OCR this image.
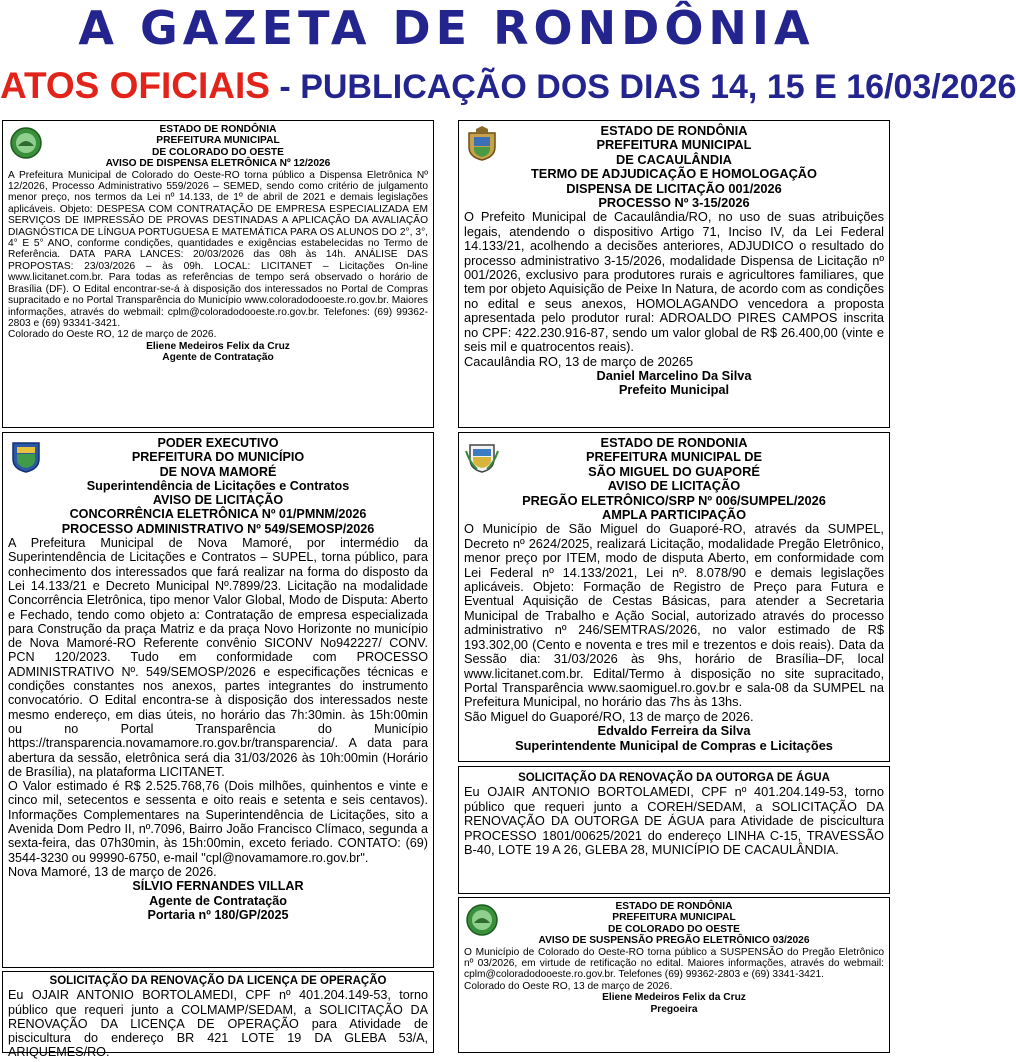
A GAZETA DE RONDÔNIA
ATOS OFICIAIS - PUBLICAÇÃO DOS DIAS 14, 15 E 16/03/2026
ESTADO DE RONDÔNIA
PREFEITURA MUNICIPAL
DE COLORADO DO OESTE
AVISO DE DISPENSA ELETRÔNICA Nº 12/2026

A Prefeitura Municipal de Colorado do Oeste-RO torna público a Dispensa Eletrônica Nº 12/2026, Processo Administrativo 559/2026 – SEMED, sendo como critério de julgamento menor preço, nos termos da Lei nº 14.133, de 1º de abril de 2021 e demais legislações aplicáveis. Objeto: DESPESA COM CONTRATAÇÃO DE EMPRESA ESPECIALIZADA EM SERVIÇOS DE IMPRESSÃO DE PROVAS DESTINADAS A APLICAÇÃO DA AVALIAÇÃO DIAGNÓSTICA DE LÍNGUA PORTUGUESA E MATEMÁTICA PARA OS ALUNOS DO 2°, 3°, 4° E 5° ANO, conforme condições, quantidades e exigências estabelecidas no Termo de Referência. DATA PARA LANCES: 20/03/2026 das 08h às 14h. ANÁLISE DAS PROPOSTAS: 23/03/2026 – às 09h. LOCAL: LICITANET – Licitações On-line www.licitanet.com.br. Para todas as referências de tempo será observado o horário de Brasília (DF). O Edital encontrar-se-á à disposição dos interessados no Portal de Compras supracitado e no Portal Transparência do Município www.coloradodooeste.ro.gov.br. Maiores informações, através do webmail: cplm@coloradodooeste.ro.gov.br. Telefones: (69) 99362-2803 e (69) 93341-3421.

Colorado do Oeste RO, 12 de março de 2026.

Eliene Medeiros Felix da Cruz
Agente de Contratação
PODER EXECUTIVO
PREFEITURA DO MUNICÍPIO
DE NOVA MAMORÉ
Superintendência de Licitações e Contratos
AVISO DE LICITAÇÃO
CONCORRÊNCIA ELETRÔNICA Nº 01/PMNM/2026
PROCESSO ADMINISTRATIVO Nº 549/SEMOSP/2026

A Prefeitura Municipal de Nova Mamoré, por intermédio da Superintendência de Licitações e Contratos – SUPEL, torna público, para conhecimento dos interessados que fará realizar na forma do disposto da Lei 14.133/21 e Decreto Municipal Nº.7899/23. Licitação na modalidade Concorrência Eletrônica, tipo menor Valor Global, Modo de Disputa: Aberto e Fechado, tendo como objeto a: Contratação de empresa especializada para Construção da praça Matriz e da praça Novo Horizonte no município de Nova Mamoré-RO Referente convênio SICONV No942227/ CONV. PCN 120/2023. Tudo em conformidade com PROCESSO ADMINISTRATIVO Nº. 549/SEMOSP/2026 e especificações técnicas e condições constantes nos anexos, partes integrantes do instrumento convocatório. O Edital encontra-se à disposição dos interessados neste mesmo endereço, em dias úteis, no horário das 7h:30min. às 15h:00min ou no Portal Transparência do Município https://transparencia.novamamore.ro.gov.br/transparencia/. A data para abertura da sessão, eletrônica será dia 31/03/2026 às 10h:00min (Horário de Brasília), na plataforma LICITANET.

O Valor estimado é R$ 2.525.768,76 (Dois milhões, quinhentos e vinte e cinco mil, setecentos e sessenta e oito reais e setenta e seis centavos). Informações Complementares na Superintendência de Licitações, sito a Avenida Dom Pedro II, nº.7096, Bairro João Francisco Clímaco, segunda a sexta-feira, das 07h30min, às 15h:00min, exceto feriado. CONTATO: (69) 3544-3230 ou 99990-6750, e-mail "cpl@novamamore.ro.gov.br".

Nova Mamoré, 13 de março de 2026.

SÍLVIO FERNANDES VILLAR
Agente de Contratação
Portaria nº 180/GP/2025
SOLICITAÇÃO DA RENOVAÇÃO DA LICENÇA DE OPERAÇÃO
Eu OJAIR ANTONIO BORTOLAMEDI, CPF nº 401.204.149-53, torno público que requeri junto a COLMAMP/SEDAM, a SOLICITAÇÃO DA RENOVAÇÃO DA LICENÇA DE OPERAÇÃO para Atividade de piscicultura do endereço BR 421 LOTE 19 DA GLEBA 53/A, ARIQUEMES/RO.
ESTADO DE RONDÔNIA
PREFEITURA MUNICIPAL
DE CACAULÂNDIA
TERMO DE ADJUDICAÇÃO E HOMOLOGAÇÃO
DISPENSA DE LICITAÇÃO 001/2026
PROCESSO Nº 3-15/2026

O Prefeito Municipal de Cacaulândia/RO, no uso de suas atribuições legais, atendendo o dispositivo Artigo 71, Inciso IV, da Lei Federal 14.133/21, acolhendo a decisões anteriores, ADJUDICO o resultado do processo administrativo 3-15/2026, modalidade Dispensa de Licitação nº 001/2026, exclusivo para produtores rurais e agricultores familiares, que tem por objeto Aquisição de Peixe In Natura, de acordo com as condições no edital e seus anexos, HOMOLAGANDO vencedora a proposta apresentada pelo produtor rural: ADROALDO PIRES CAMPOS inscrita no CPF: 422.230.916-87, sendo um valor global de R$ 26.400,00 (vinte e seis mil e quatrocentos reais).

Cacaulândia RO, 13 de março de 20265

Daniel Marcelino Da Silva
Prefeito Municipal
ESTADO DE RONDONIA
PREFEITURA MUNICIPAL DE
SÃO MIGUEL DO GUAPORÉ
AVISO DE LICITAÇÃO
PREGÃO ELETRÔNICO/SRP Nº 006/SUMPEL/2026
AMPLA PARTICIPAÇÃO

O Município de São Miguel do Guaporé-RO, através da SUMPEL, Decreto nº 2624/2025, realizará Licitação, modalidade Pregão Eletrônico, menor preço por ITEM, modo de disputa Aberto, em conformidade com Lei Federal nº 14.133/2021, Lei nº. 8.078/90 e demais legislações aplicáveis. Objeto: Formação de Registro de Preço para Futura e Eventual Aquisição de Cestas Básicas, para atender a Secretaria Municipal de Trabalho e Ação Social, autorizado através do processo administrativo nº 246/SEMTRAS/2026, no valor estimado de R$ 193.302,00 (Cento e noventa e tres mil e trezentos e dois reais). Data da Sessão dia: 31/03/2026 às 9hs, horário de Brasília–DF, local www.licitanet.com.br. Edital/Termo à disposição no site supracitado, Portal Transparência www.saomiguel.ro.gov.br e sala-08 da SUMPEL na Prefeitura Municipal, no horário das 7hs às 13hs.

São Miguel do Guaporé/RO, 13 de março de 2026.

Edvaldo Ferreira da Silva
Superintendente Municipal de Compras e Licitações
SOLICITAÇÃO DA RENOVAÇÃO DA OUTORGA DE ÁGUA
Eu OJAIR ANTONIO BORTOLAMEDI, CPF nº 401.204.149-53, torno público que requeri junto a COREH/SEDAM, a SOLICITAÇÃO DA RENOVAÇÃO DA OUTORGA DE ÁGUA para Atividade de piscicultura PROCESSO 1801/00625/2021 do endereço LINHA C-15, TRAVESSÃO B-40, LOTE 19 A 26, GLEBA 28, MUNICÍPIO DE CACAULÂNDIA.
ESTADO DE RONDÔNIA
PREFEITURA MUNICIPAL
DE COLORADO DO OESTE
AVISO DE SUSPENSÃO PREGÃO ELETRÔNICO 03/2026

O Município de Colorado do Oeste-RO torna público a SUSPENSÃO do Pregão Eletrônico nº 03/2026, em virtude de retificação no edital. Maiores informações, através do webmail: cplm@coloradodooeste.ro.gov.br. Telefones (69) 99362-2803 e (69) 3341-3421.

Colorado do Oeste RO, 13 de março de 2026.

Eliene Medeiros Felix da Cruz
Pregoeira
